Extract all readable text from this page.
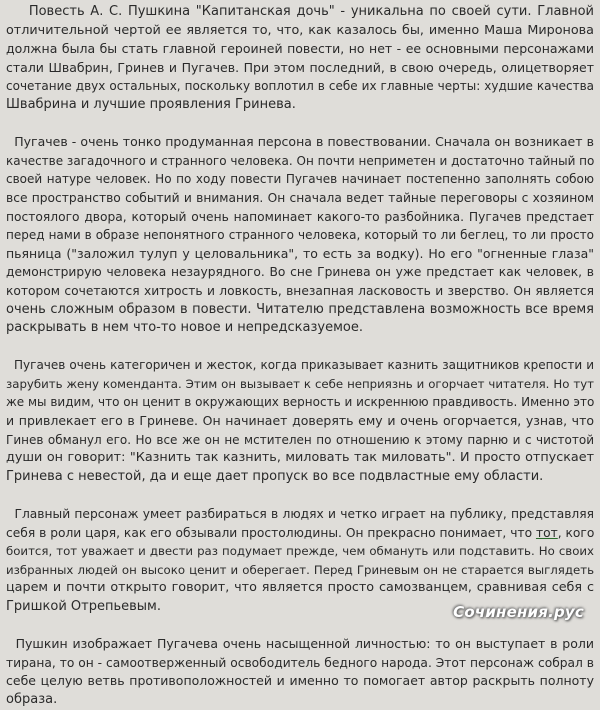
Повесть А. С. Пушкина "Капитанская дочь" - уникальна по своей сути. Главной
отличительной чертой ее является то, что, как казалось бы, именно Маша Миронова
должна была бы стать главной героиней повести, но нет - ее основными персонажами
стали Швабрин, Гринев и Пугачев. При этом последний, в свою очередь, олицетворяет
сочетание двух остальных, поскольку воплотил в себе их главные черты: худшие качества
Швабрина и лучшие проявления Гринева.
Пугачев - очень тонко продуманная персона в повествовании. Сначала он возникает в
качестве загадочного и странного человека. Он почти неприметен и достаточно тайный по
своей натуре человек. Но по ходу повести Пугачев начинает постепенно заполнять собою
все пространство событий и внимания. Он сначала ведет тайные переговоры с хозяином
постоялого двора, который очень напоминает какого-то разбойника. Пугачев предстает
перед нами в образе непонятного странного человека, который то ли беглец, то ли просто
пьяница ("заложил тулуп у целовальника", то есть за водку). Но его "огненные глаза"
демонстрирую человека незаурядного. Во сне Гринева он уже предстает как человек, в
котором сочетаются хитрость и ловкость, внезапная ласковость и зверство. Он является
очень сложным образом в повести. Читателю представлена возможность все время
раскрывать в нем что-то новое и непредсказуемое.
Пугачев очень категоричен и жесток, когда приказывает казнить защитников крепости и
зарубить жену коменданта. Этим он вызывает к себе неприязнь и огорчает читателя. Но тут
же мы видим, что он ценит в окружающих верность и искреннюю правдивость. Именно это
и привлекает его в Гриневе. Он начинает доверять ему и очень огорчается, узнав, что
Гинев обманул его. Но все же он не мстителен по отношению к этому парню и с чистотой
души он говорит: "Казнить так казнить, миловать так миловать". И просто отпускает
Гринева с невестой, да и еще дает пропуск во все подвластные ему области.
Главный персонаж умеет разбираться в людях и четко играет на публику, представляя
себя в роли царя, как его обзывали простолюдины. Он прекрасно понимает, что тот, кого
боится, тот уважает и двести раз подумает прежде, чем обмануть или подставить. Но своих
избранных людей он высоко ценит и оберегает. Перед Гриневым он не старается выглядеть
царем и почти открыто говорит, что является просто самозванцем, сравнивая себя с
Гришкой Отрепьевым.
Пушкин изображает Пугачева очень насыщенной личностью: то он выступает в роли
тирана, то он - самоотверженный освободитель бедного народа. Этот персонаж собрал в
себе целую ветвь противоположностей и именно то помогает автор раскрыть полноту
образа.
Сочинения.рус
